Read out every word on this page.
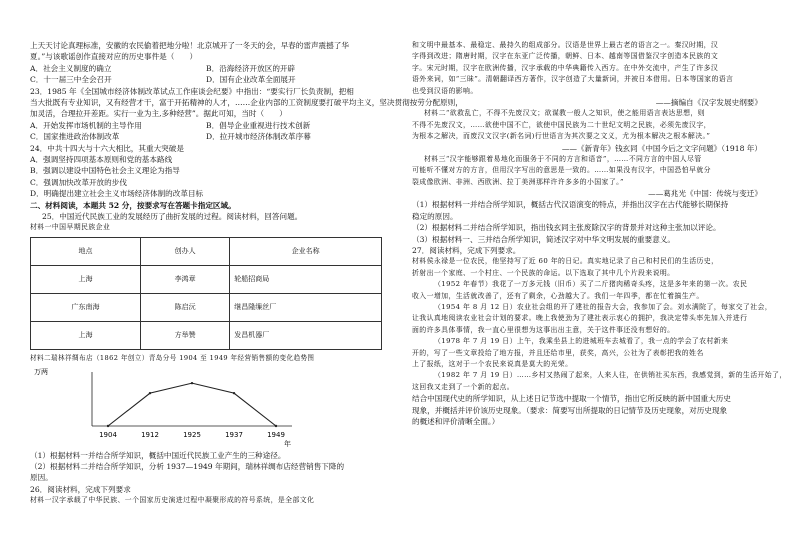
上天天讨论真理标准，安徽的农民偷着把地分啦！北京城开了一冬天的会，早春的雷声震撼了华
夏。”与该歌谣创作直接对应的历史事件是（　　）
A．社会主义制度的确立	B．沿海经济开放区的开辟
C．十一届三中全会召开	D．国有企业改革全面展开
23．1985 年《全国城市经济体制改革试点工作座谈会纪要》中指出：“要实行厂长负责制，把相
当大批既有专业知识，又有经营才干，富于开拓精神的人才，……企业内部的工资制度要打破平均主义，坚决贯彻按劳分配原则，
加灵活，合理拉开差距。实行一业为主,多种经营”。据此可知，当时（　　）
A．开始发挥市场机制的主导作用	B．倡导企业重视进行技术创新
C．国家推进政治体制改革	D．拉开城市经济体制改革序幕
24．中共十四大与十六大相比，其重大突破是
A．强调坚持四项基本原则和党的基本路线
B．强调以建设中国特色社会主义理论为指导
C．强调加快改革开放的步伐
D．明确提出建立社会主义市场经济体制的改革目标
二、材料阅读，本题共 52 分，按要求写在答题卡指定区域。
25．中国近代民族工业的发展经历了曲折发展的过程。阅读材料，回答问题。
材料一中国早期民族企业
地点	创办人	企业名称
上海	李鸿章	轮船招商局
广东南海	陈启沅	继昌隆缫丝厂
上海	方举赞	发昌机器厂
材料二瑞林祥绸布店（1862 年创立）青岛分号 1904 至 1949 年经营销售额的变化趋势图
万两
1904	1912	1925	1937	1949
年
（1）根据材料一并结合所学知识，概括中国近代民族工业产生的三种途径。
（2）根据材料二并结合所学知识，分析 1937—1949 年期间，瑞林祥绸布店经营销售下降的
原因。
26．阅读材料，完成下列要求
材料一汉字承载了中华民族、一个国家历史演进过程中凝聚形成的符号系统，是全部文化
和文明中最基本、最稳定、最持久的组成部分。汉语是世界上最古老的语言之一。秦汉时期，汉
字得到改进；隋唐时期，汉字在东亚广泛传播，朝鲜、日本、越南等国借鉴汉字创造本民族的文
字。宋元时期，汉字在欧洲传播，汉字承载的中华典籍传入西方。在中外交流中，产生了许多汉
语外来词，如“三昧”。清朝翻译西方著作，汉字创造了大量新词，并被日本借用。日本等国家的语言
也受到汉语的影响。
——摘编自《汉字发展史纲要》
材料二“欲救乱亡，不得不先废汉文；欲谋教一般人之知识，使之能用语言表达思想，则
不得不先废汉文，……欲使中国不亡，欲使中国民族为二十世纪文明之民族，必须先废汉字，
为根本之解决，而废汉文汉字(新名词)行世语言为其次要之文义，尤为根本解决之根本解决。”
——《新青年》钱玄同《中国今后之文字问题》（1918 年）
材料三“汉字能够跟着易地化而服务于不同的方言和语音”，……不同方言的中国人尽管
可能听不懂对方的方言，但用汉字写出的意思是一致的。……如果没有汉字，中国恐怕早就分
裂成像欧洲、非洲、西欧洲、拉丁美洲那样许许多多的小国家了。”
——葛兆光《中国：传统与变迁》
（1）根据材料一并结合所学知识，概括古代汉语演变的特点，并指出汉字在古代能够长期保持
稳定的原因。
（2）根据材料二并结合所学知识，指出钱玄同主张废除汉字的背景并对这种主张加以评论。
（3）根据材料一、三并结合所学知识，简述汉字对中华文明发展的重要意义。
27．阅读材料，完成下列要求。
材料侯永禄是一位农民，他坚持写了近 60 年的日记。真实地记录了自己和村民们的生活历史，
折射出一个家庭、一个村庄、一个民族的命运。以下选取了其中几个片段来说明。
（1952 年春节）我花了一万多元钱（旧币）买了二斤猪肉稀奇头疼，这是多年来的第一次。农民
收入一增加，生活就改善了，还有了剩余，心劲越大了。我们一年四季，都在忙着搞生产。
（1954 年 8 月 12 日）农业社会组的开了建社的报告大会，我参加了会。刘水满院了，每家交了社会，
让我认真地阅读农业社会计划的要求。晚上我使劲为了建社表示衷心的拥护，我决定带头率先加入并进行
面的许多具体事情，我一直心里很想为这事出出主意，关于这件事还没有想好的。
（1978 年 7 月 19 日）上午，我乘坐县上的进城班车去城看了，我一点的学会了农村新来
开的，写了一些文章投给了地方报，并且还给市里，获奖，高兴，公社为了表彰把我的姓名
上了报纸，这对于一个农民来说真是莫大的光荣。
（1982 年 7 月 19 日）……乡村又热闹了起来，人来人往，在供销社买东西，我感觉到，新的生活开始了，
这回我又走到了一个新的起点。
结合中国现代史的所学知识，从上述日记节选中提取一个情节，指出它所反映的新中国重大历史
现象，并概括并评价该历史现象。（要求：简要写出所提取的日记情节及历史现象，对历史现象
的概述和评价清晰全面。）
